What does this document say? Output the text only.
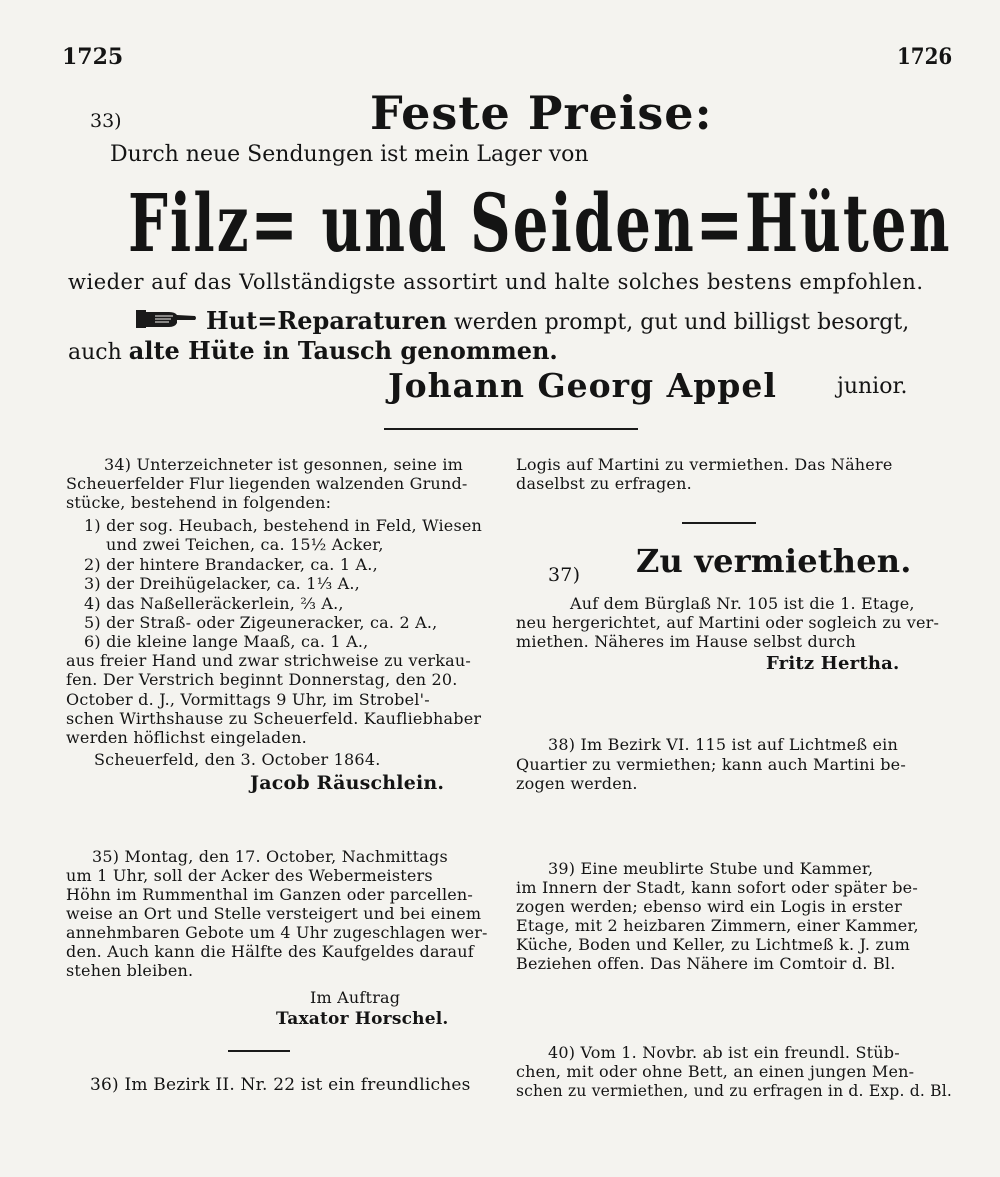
1725	1726
33)	Feste Preise:
Durch neue Sendungen ist mein Lager von
Filz= und Seiden=Hüten
wieder auf das Vollständigste assortirt und halte solches bestens empfohlen.
Hut=Reparaturen werden prompt, gut und billigst besorgt,
auch alte Hüte in Tausch genommen.
Johann Georg Appel	junior.
34) Unterzeichneter ist gesonnen, seine im
Scheuerfelder Flur liegenden walzenden Grund-
stücke, bestehend in folgenden:
1) der sog. Heubach, bestehend in Feld, Wiesen
und zwei Teichen, ca. 15½ Acker,
2) der hintere Brandacker, ca. 1 A.,
3) der Dreihügelacker, ca. 1⅓ A.,
4) das Naßelleräckerlein, ⅔ A.,
5) der Straß- oder Zigeuneracker, ca. 2 A.,
6) die kleine lange Maaß, ca. 1 A.,
aus freier Hand und zwar strichweise zu verkau-
fen. Der Verstrich beginnt Donnerstag, den 20.
October d. J., Vormittags 9 Uhr, im Strobel'-
schen Wirthshause zu Scheuerfeld. Kaufliebhaber
werden höflichst eingeladen.
Scheuerfeld, den 3. October 1864.
Jacob Räuschlein.
35) Montag, den 17. October, Nachmittags
um 1 Uhr, soll der Acker des Webermeisters
Höhn im Rummenthal im Ganzen oder parcellen-
weise an Ort und Stelle versteigert und bei einem
annehmbaren Gebote um 4 Uhr zugeschlagen wer-
den. Auch kann die Hälfte des Kaufgeldes darauf
stehen bleiben.
Im Auftrag
Taxator Horschel.
36) Im Bezirk II. Nr. 22 ist ein freundliches
Logis auf Martini zu vermiethen. Das Nähere
daselbst zu erfragen.
37) Zu vermiethen.
Auf dem Bürglaß Nr. 105 ist die 1. Etage,
neu hergerichtet, auf Martini oder sogleich zu ver-
miethen. Näheres im Hause selbst durch
Fritz Hertha.
38) Im Bezirk VI. 115 ist auf Lichtmeß ein
Quartier zu vermiethen; kann auch Martini be-
zogen werden.
39) Eine meublirte Stube und Kammer,
im Innern der Stadt, kann sofort oder später be-
zogen werden; ebenso wird ein Logis in erster
Etage, mit 2 heizbaren Zimmern, einer Kammer,
Küche, Boden und Keller, zu Lichtmeß k. J. zum
Beziehen offen. Das Nähere im Comtoir d. Bl.
40) Vom 1. Novbr. ab ist ein freundl. Stüb-
chen, mit oder ohne Bett, an einen jungen Men-
schen zu vermiethen, und zu erfragen in d. Exp. d. Bl.
